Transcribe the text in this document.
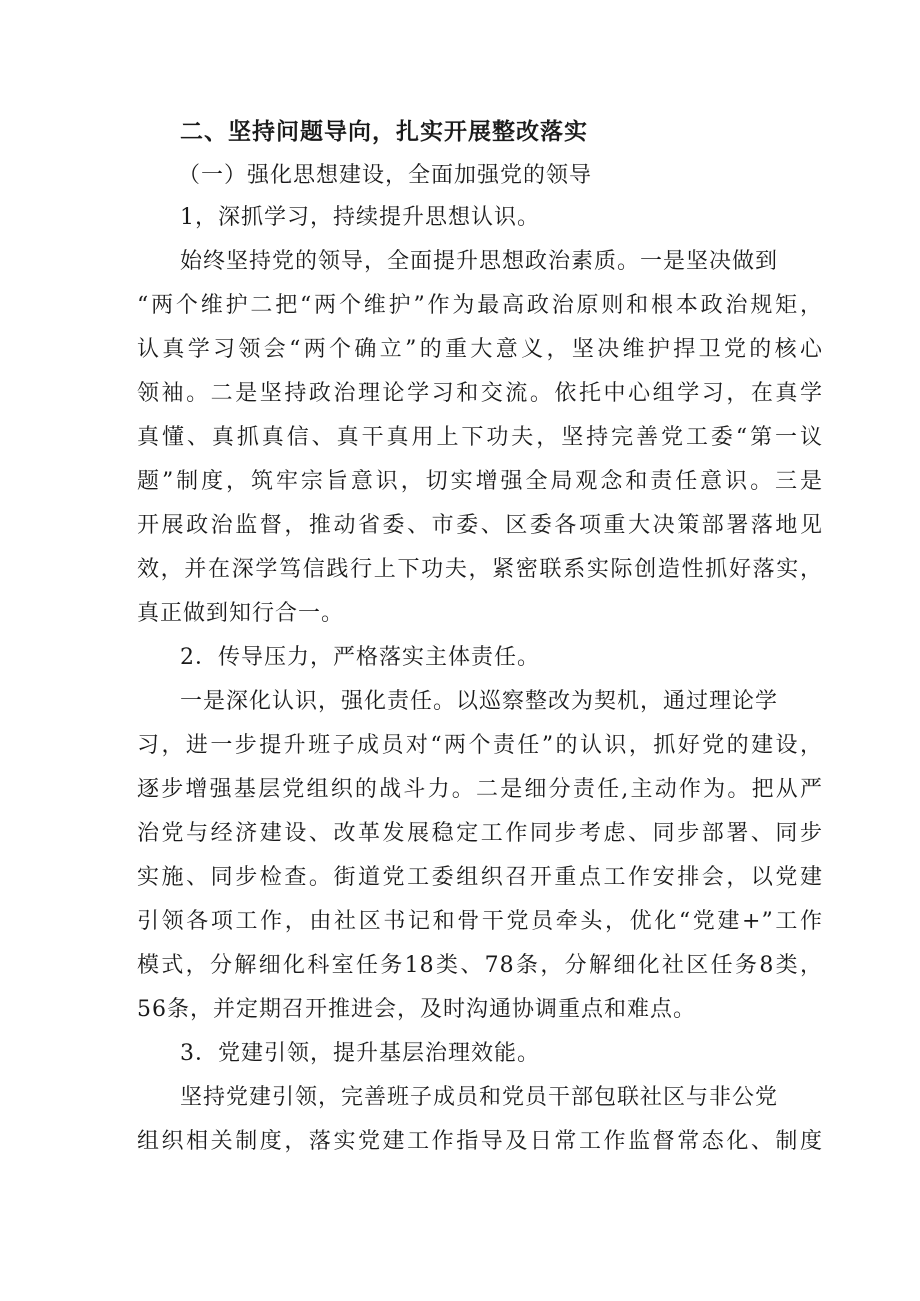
二、坚持问题导向，扎实开展整改落实
（一）强化思想建设，全面加强党的领导
1，深抓学习，持续提升思想认识。
始终坚持党的领导，全面提升思想政治素质。一是坚决做到
“两个维护二把“两个维护”作为最高政治原则和根本政治规矩，
认真学习领会“两个确立”的重大意义，坚决维护捍卫党的核心
领袖。二是坚持政治理论学习和交流。依托中心组学习，在真学
真懂、真抓真信、真干真用上下功夫，坚持完善党工委“第一议
题”制度，筑牢宗旨意识，切实增强全局观念和责任意识。三是
开展政治监督，推动省委、市委、区委各项重大决策部署落地见
效，并在深学笃信践行上下功夫，紧密联系实际创造性抓好落实，
真正做到知行合一。
2．传导压力，严格落实主体责任。
一是深化认识，强化责任。以巡察整改为契机，通过理论学
习，进一步提升班子成员对“两个责任”的认识，抓好党的建设，
逐步增强基层党组织的战斗力。二是细分责任,主动作为。把从严
治党与经济建设、改革发展稳定工作同步考虑、同步部署、同步
实施、同步检查。街道党工委组织召开重点工作安排会，以党建
引领各项工作，由社区书记和骨干党员牵头，优化“党建+”工作
模式，分解细化科室任务18类、78条，分解细化社区任务8类，
56条，并定期召开推进会，及时沟通协调重点和难点。
3．党建引领，提升基层治理效能。
坚持党建引领，完善班子成员和党员干部包联社区与非公党
组织相关制度，落实党建工作指导及日常工作监督常态化、制度
